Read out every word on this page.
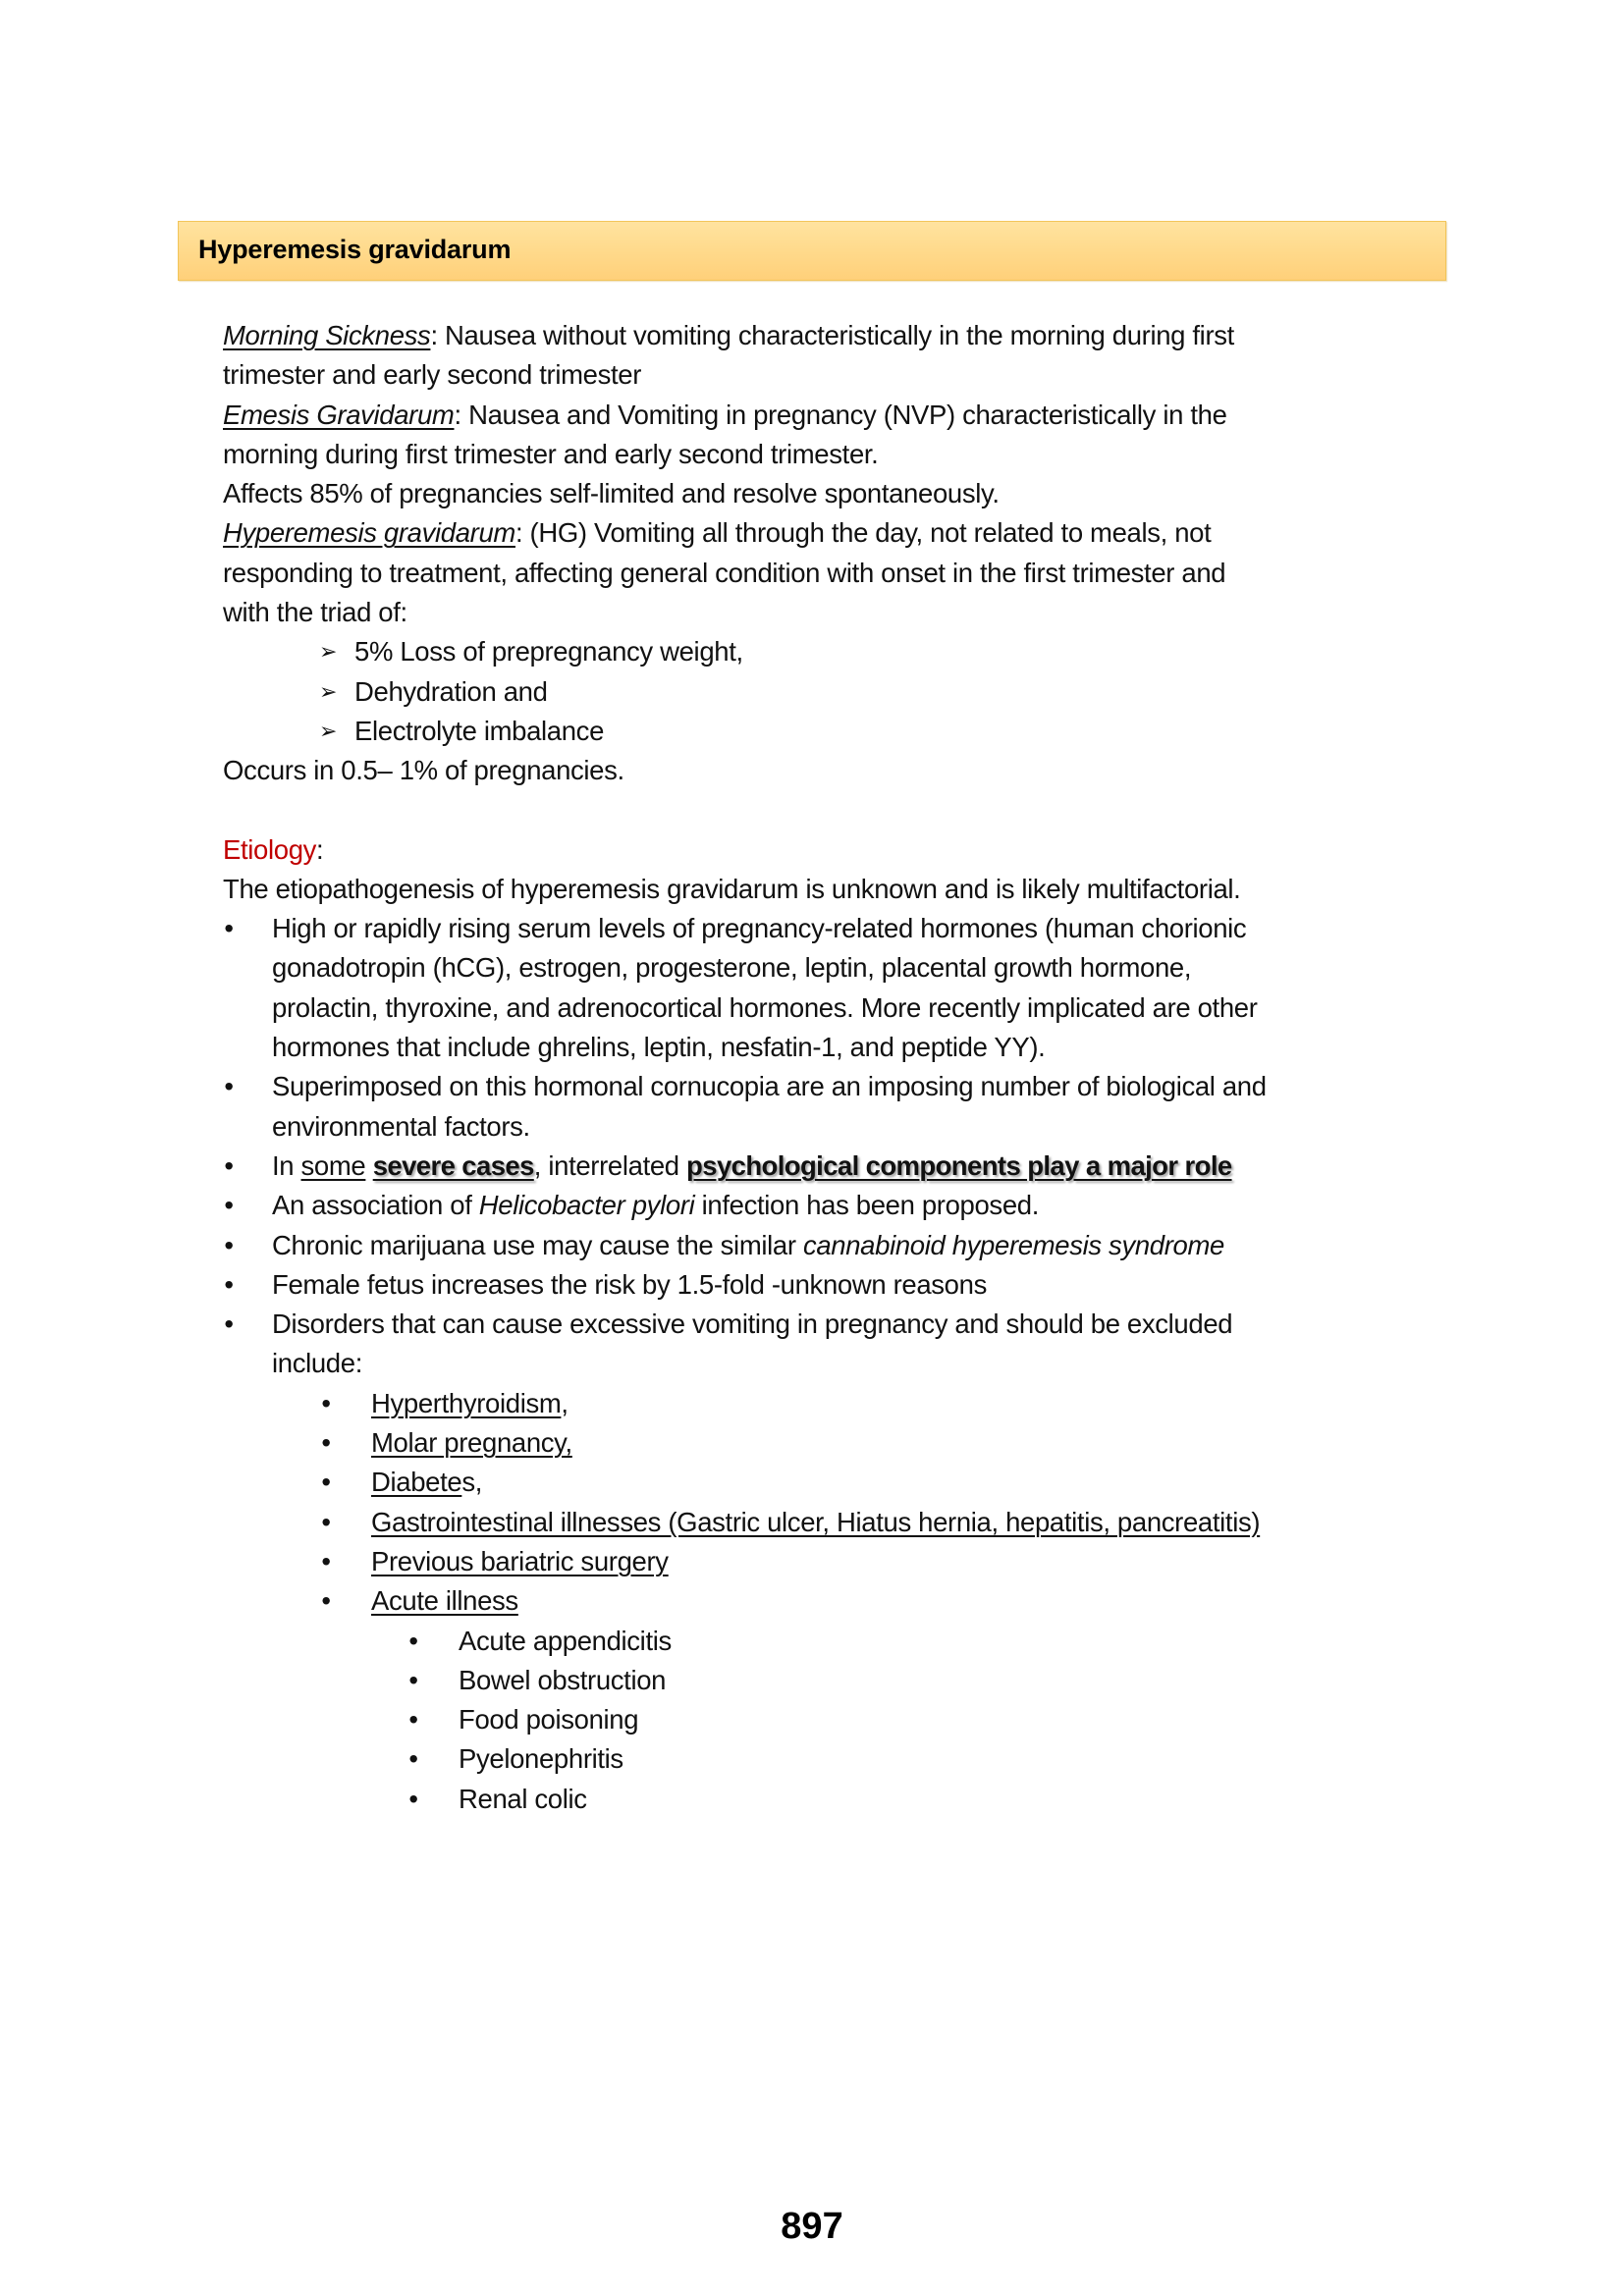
Hyperemesis gravidarum
Morning Sickness: Nausea without vomiting characteristically in the morning during first
trimester and early second trimester
Emesis Gravidarum: Nausea and Vomiting in pregnancy (NVP) characteristically in the
morning during first trimester and early second trimester.
Affects 85% of pregnancies self-limited and resolve spontaneously.
Hyperemesis gravidarum: (HG) Vomiting all through the day, not related to meals, not
responding to treatment, affecting general condition with onset in the first trimester and
with the triad of:
➢ 5% Loss of prepregnancy weight,
➢ Dehydration and
➢ Electrolyte imbalance
Occurs in 0.5– 1% of pregnancies.
Etiology:
The etiopathogenesis of hyperemesis gravidarum is unknown and is likely multifactorial.
• High or rapidly rising serum levels of pregnancy-related hormones (human chorionic
gonadotropin (hCG), estrogen, progesterone, leptin, placental growth hormone,
prolactin, thyroxine, and adrenocortical hormones. More recently implicated are other
hormones that include ghrelins, leptin, nesfatin-1, and peptide YY).
• Superimposed on this hormonal cornucopia are an imposing number of biological and
environmental factors.
• In some severe cases, interrelated psychological components play a major role
• An association of Helicobacter pylori infection has been proposed.
• Chronic marijuana use may cause the similar cannabinoid hyperemesis syndrome
• Female fetus increases the risk by 1.5-fold -unknown reasons
• Disorders that can cause excessive vomiting in pregnancy and should be excluded
include:
• Hyperthyroidism,
• Molar pregnancy,
• Diabetes,
• Gastrointestinal illnesses (Gastric ulcer, Hiatus hernia, hepatitis, pancreatitis)
• Previous bariatric surgery
• Acute illness
• Acute appendicitis
• Bowel obstruction
• Food poisoning
• Pyelonephritis
• Renal colic
897
